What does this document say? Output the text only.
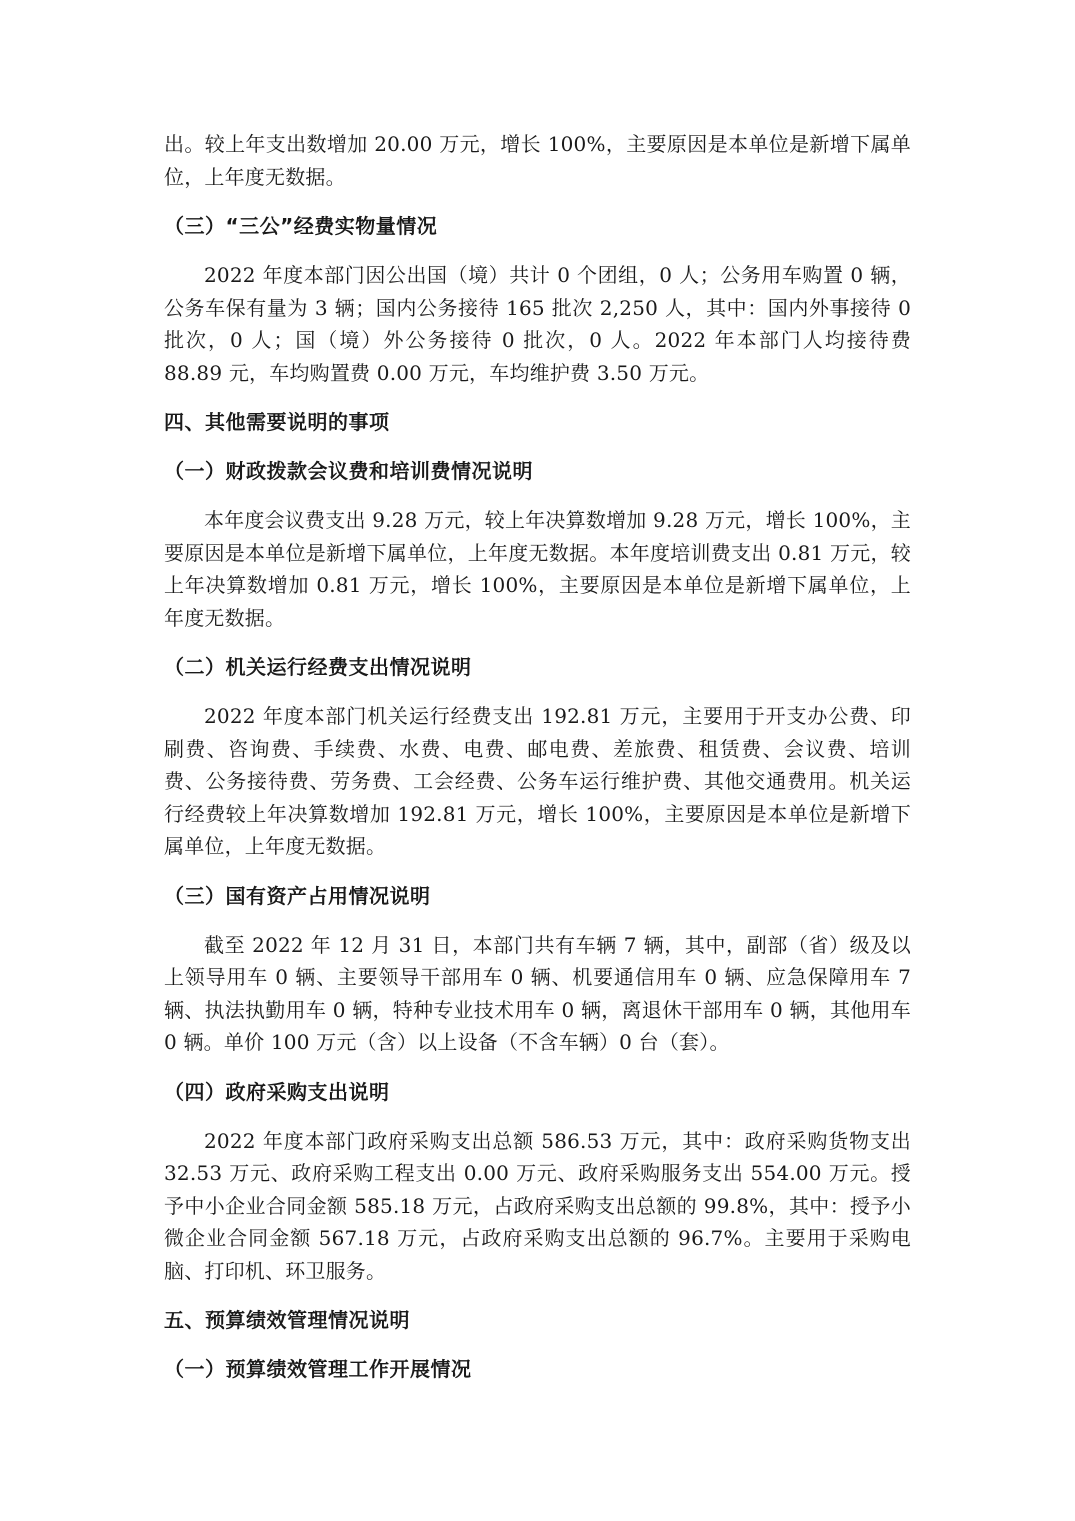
出。较上年支出数增加 20.00 万元，增长 100%，主要原因是本单位是新增下属单位，上年度无数据。

（三）“三公”经费实物量情况

2022 年度本部门因公出国（境）共计 0 个团组，0 人；公务用车购置 0 辆，公务车保有量为 3 辆；国内公务接待 165 批次 2,250 人，其中：国内外事接待 0 批次，0 人；国（境）外公务接待 0 批次，0 人。2022 年本部门人均接待费 88.89 元，车均购置费 0.00 万元，车均维护费 3.50 万元。

四、其他需要说明的事项
（一）财政拨款会议费和培训费情况说明

本年度会议费支出 9.28 万元，较上年决算数增加 9.28 万元，增长 100%，主要原因是本单位是新增下属单位，上年度无数据。本年度培训费支出 0.81 万元，较上年决算数增加 0.81 万元，增长 100%，主要原因是本单位是新增下属单位，上年度无数据。

（二）机关运行经费支出情况说明

2022 年度本部门机关运行经费支出 192.81 万元，主要用于开支办公费、印刷费、咨询费、手续费、水费、电费、邮电费、差旅费、租赁费、会议费、培训费、公务接待费、劳务费、工会经费、公务车运行维护费、其他交通费用。机关运行经费较上年决算数增加 192.81 万元，增长 100%，主要原因是本单位是新增下属单位，上年度无数据。

（三）国有资产占用情况说明

截至 2022 年 12 月 31 日，本部门共有车辆 7 辆，其中，副部（省）级及以上领导用车 0 辆、主要领导干部用车 0 辆、机要通信用车 0 辆、应急保障用车 7 辆、执法执勤用车 0 辆，特种专业技术用车 0 辆，离退休干部用车 0 辆，其他用车 0 辆。单价 100 万元（含）以上设备（不含车辆）0 台（套）。

（四）政府采购支出说明

2022 年度本部门政府采购支出总额 586.53 万元，其中：政府采购货物支出 32.53 万元、政府采购工程支出 0.00 万元、政府采购服务支出 554.00 万元。授予中小企业合同金额 585.18 万元，占政府采购支出总额的 99.8%，其中：授予小微企业合同金额 567.18 万元，占政府采购支出总额的 96.7%。主要用于采购电脑、打印机、环卫服务。

五、预算绩效管理情况说明
（一）预算绩效管理工作开展情况
